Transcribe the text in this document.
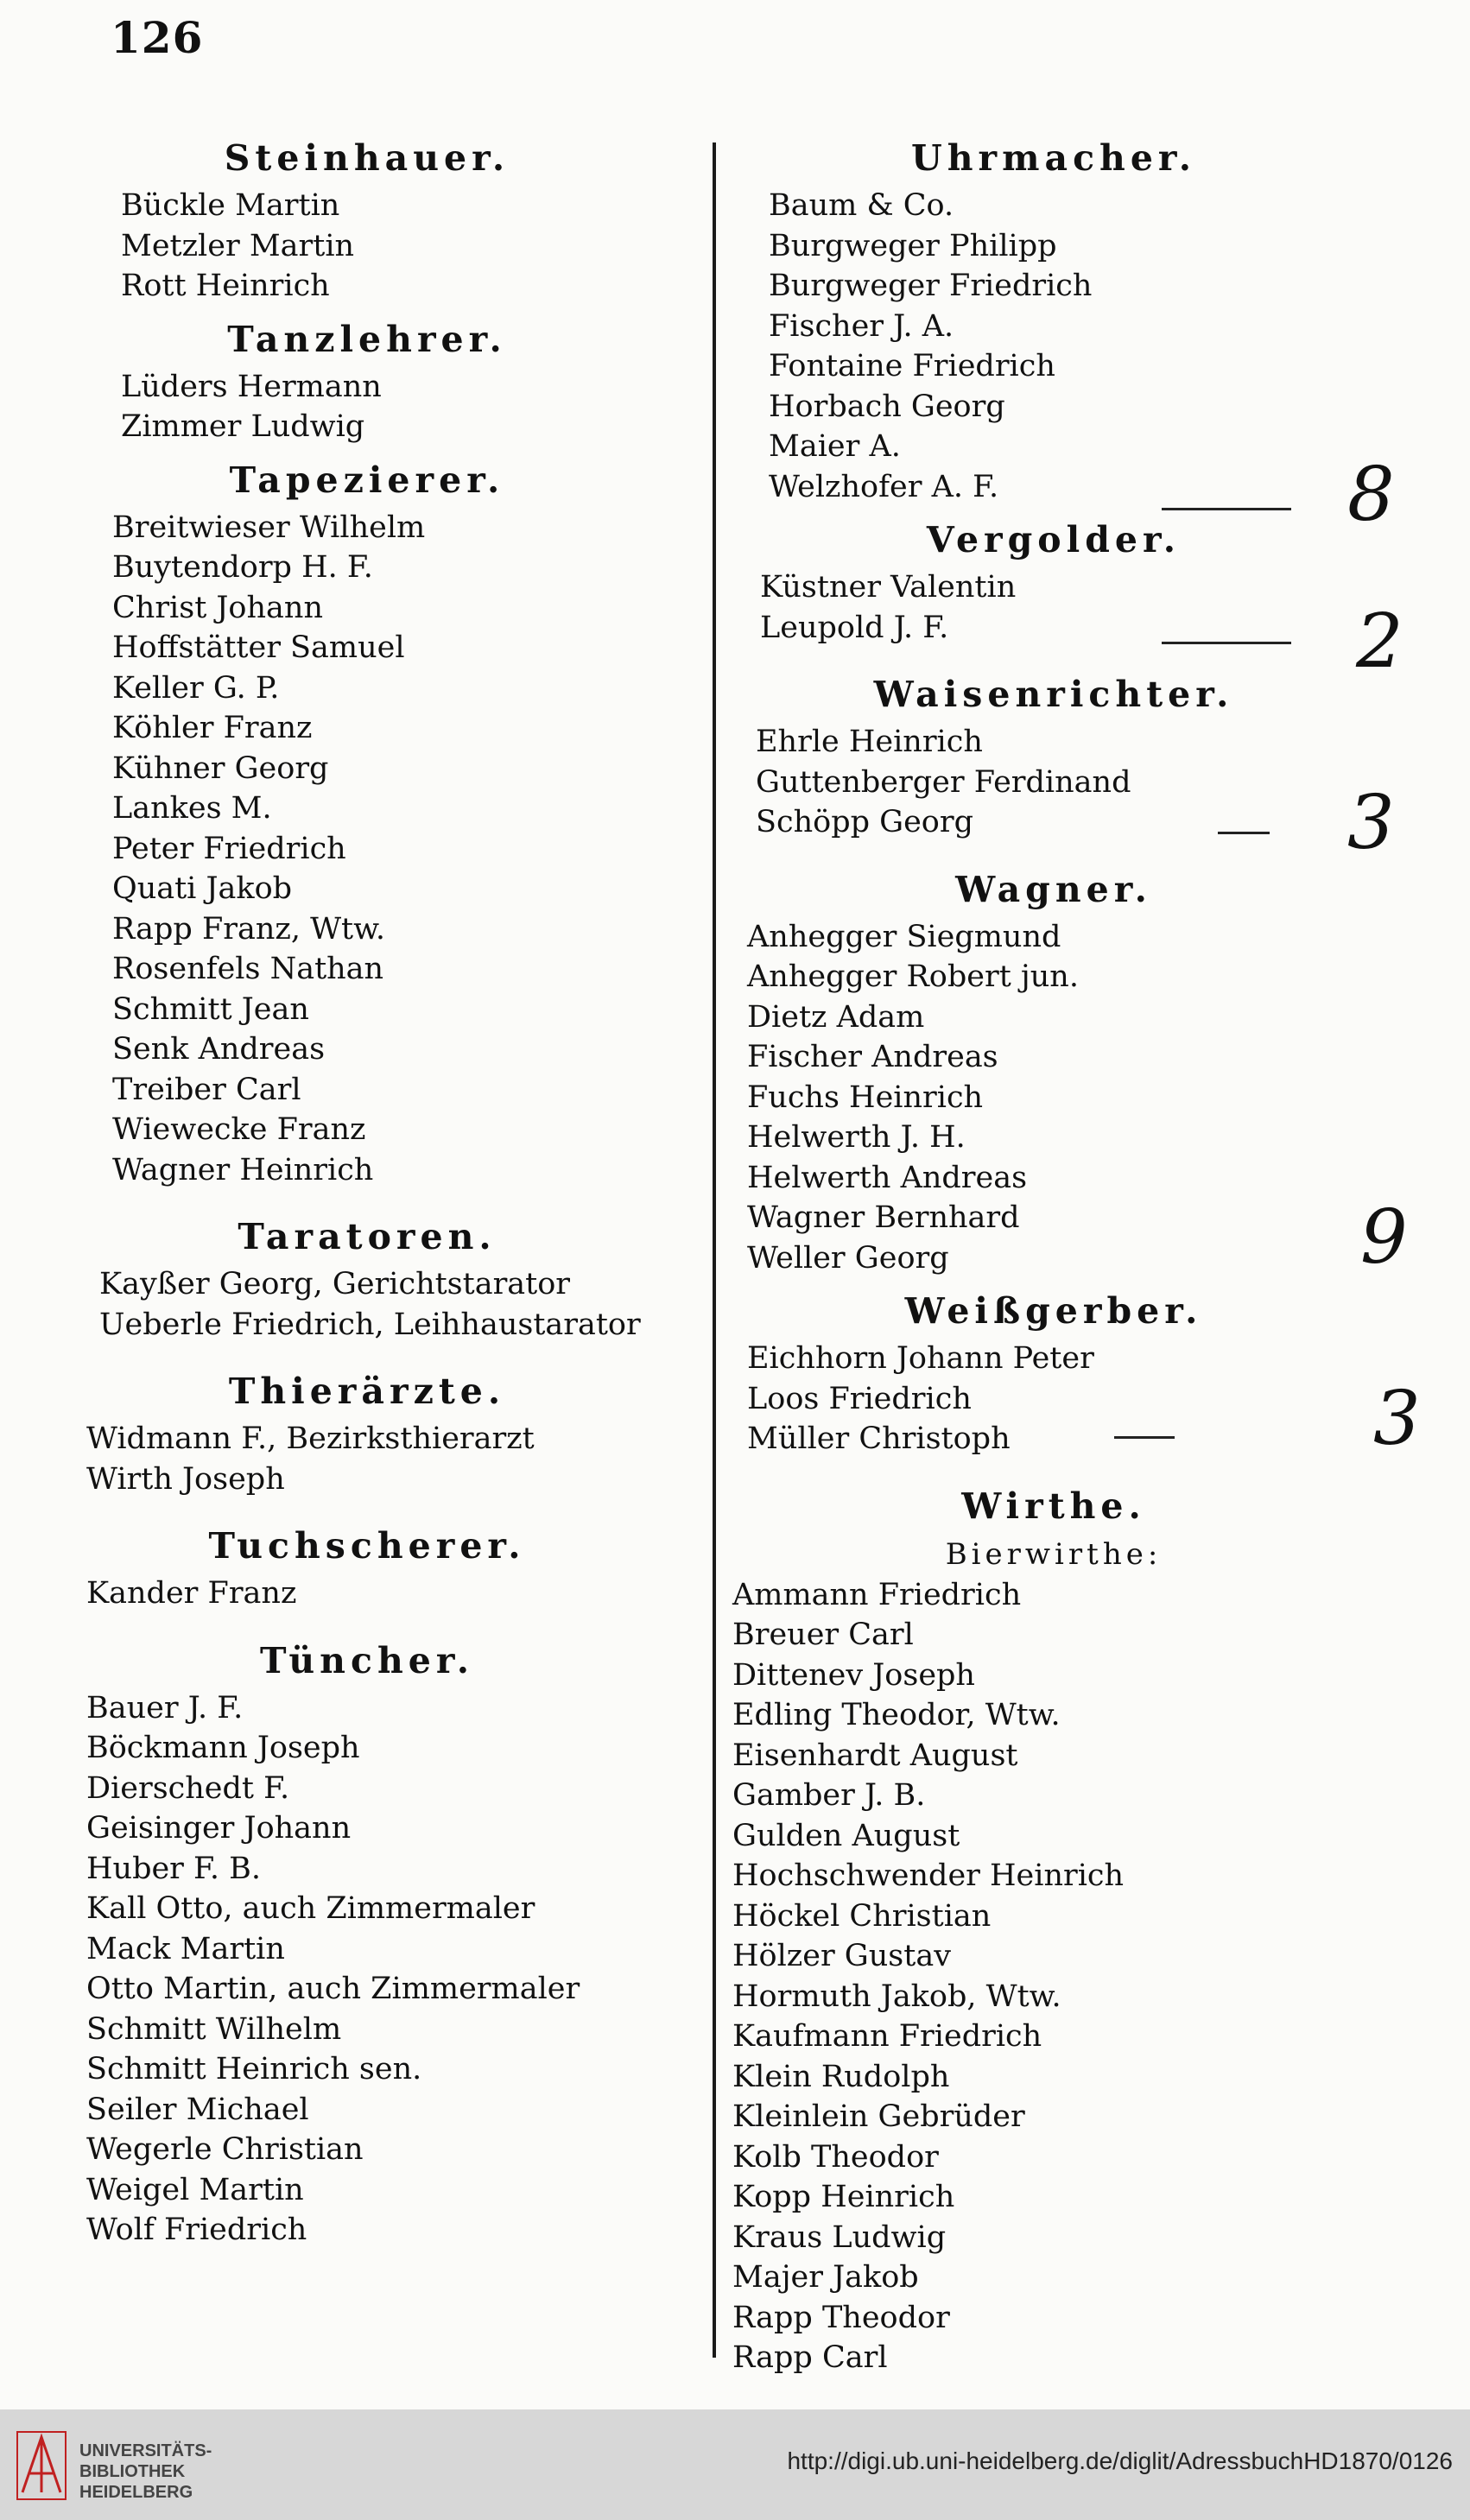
126
Steinhauer.
Bückle Martin
Metzler Martin
Rott Heinrich
Tanzlehrer.
Lüders Hermann
Zimmer Ludwig
Tapezierer.
Breitwieser Wilhelm
Buytendorp H. F.
Christ Johann
Hoffstätter Samuel
Keller G. P.
Köhler Franz
Kühner Georg
Lankes M.
Peter Friedrich
Quati Jakob
Rapp Franz, Wtw.
Rosenfels Nathan
Schmitt Jean
Senk Andreas
Treiber Carl
Wiewecke Franz
Wagner Heinrich
Taratoren.
Kayßer Georg, Gerichtstarator
Ueberle Friedrich, Leihhaustarator
Thierärzte.
Widmann F., Bezirksthierarzt
Wirth Joseph
Tuchscherer.
Kander Franz
Tüncher.
Bauer J. F.
Böckmann Joseph
Dierschedt F.
Geisinger Johann
Huber F. B.
Kall Otto, auch Zimmermaler
Mack Martin
Otto Martin, auch Zimmermaler
Schmitt Wilhelm
Schmitt Heinrich sen.
Seiler Michael
Wegerle Christian
Weigel Martin
Wolf Friedrich
Uhrmacher.
Baum & Co.
Burgweger Philipp
Burgweger Friedrich
Fischer J. A.
Fontaine Friedrich
Horbach Georg
Maier A.
Welzhofer A. F.
Vergolder.
Küstner Valentin
Leupold J. F.
Waisenrichter.
Ehrle Heinrich
Guttenberger Ferdinand
Schöpp Georg
Wagner.
Anhegger Siegmund
Anhegger Robert jun.
Dietz Adam
Fischer Andreas
Fuchs Heinrich
Helwerth J. H.
Helwerth Andreas
Wagner Bernhard
Weller Georg
Weißgerber.
Eichhorn Johann Peter
Loos Friedrich
Müller Christoph
Wirthe.
Bierwirthe:
Ammann Friedrich
Breuer Carl
Dittenev Joseph
Edling Theodor, Wtw.
Eisenhardt August
Gamber J. B.
Gulden August
Hochschwender Heinrich
Höckel Christian
Hölzer Gustav
Hormuth Jakob, Wtw.
Kaufmann Friedrich
Klein Rudolph
Kleinlein Gebrüder
Kolb Theodor
Kopp Heinrich
Kraus Ludwig
Majer Jakob
Rapp Theodor
Rapp Carl
8
2
3
9
3
UNIVERSITÄTS-
BIBLIOTHEK
HEIDELBERG
http://digi.ub.uni-heidelberg.de/diglit/AdressbuchHD1870/0126
